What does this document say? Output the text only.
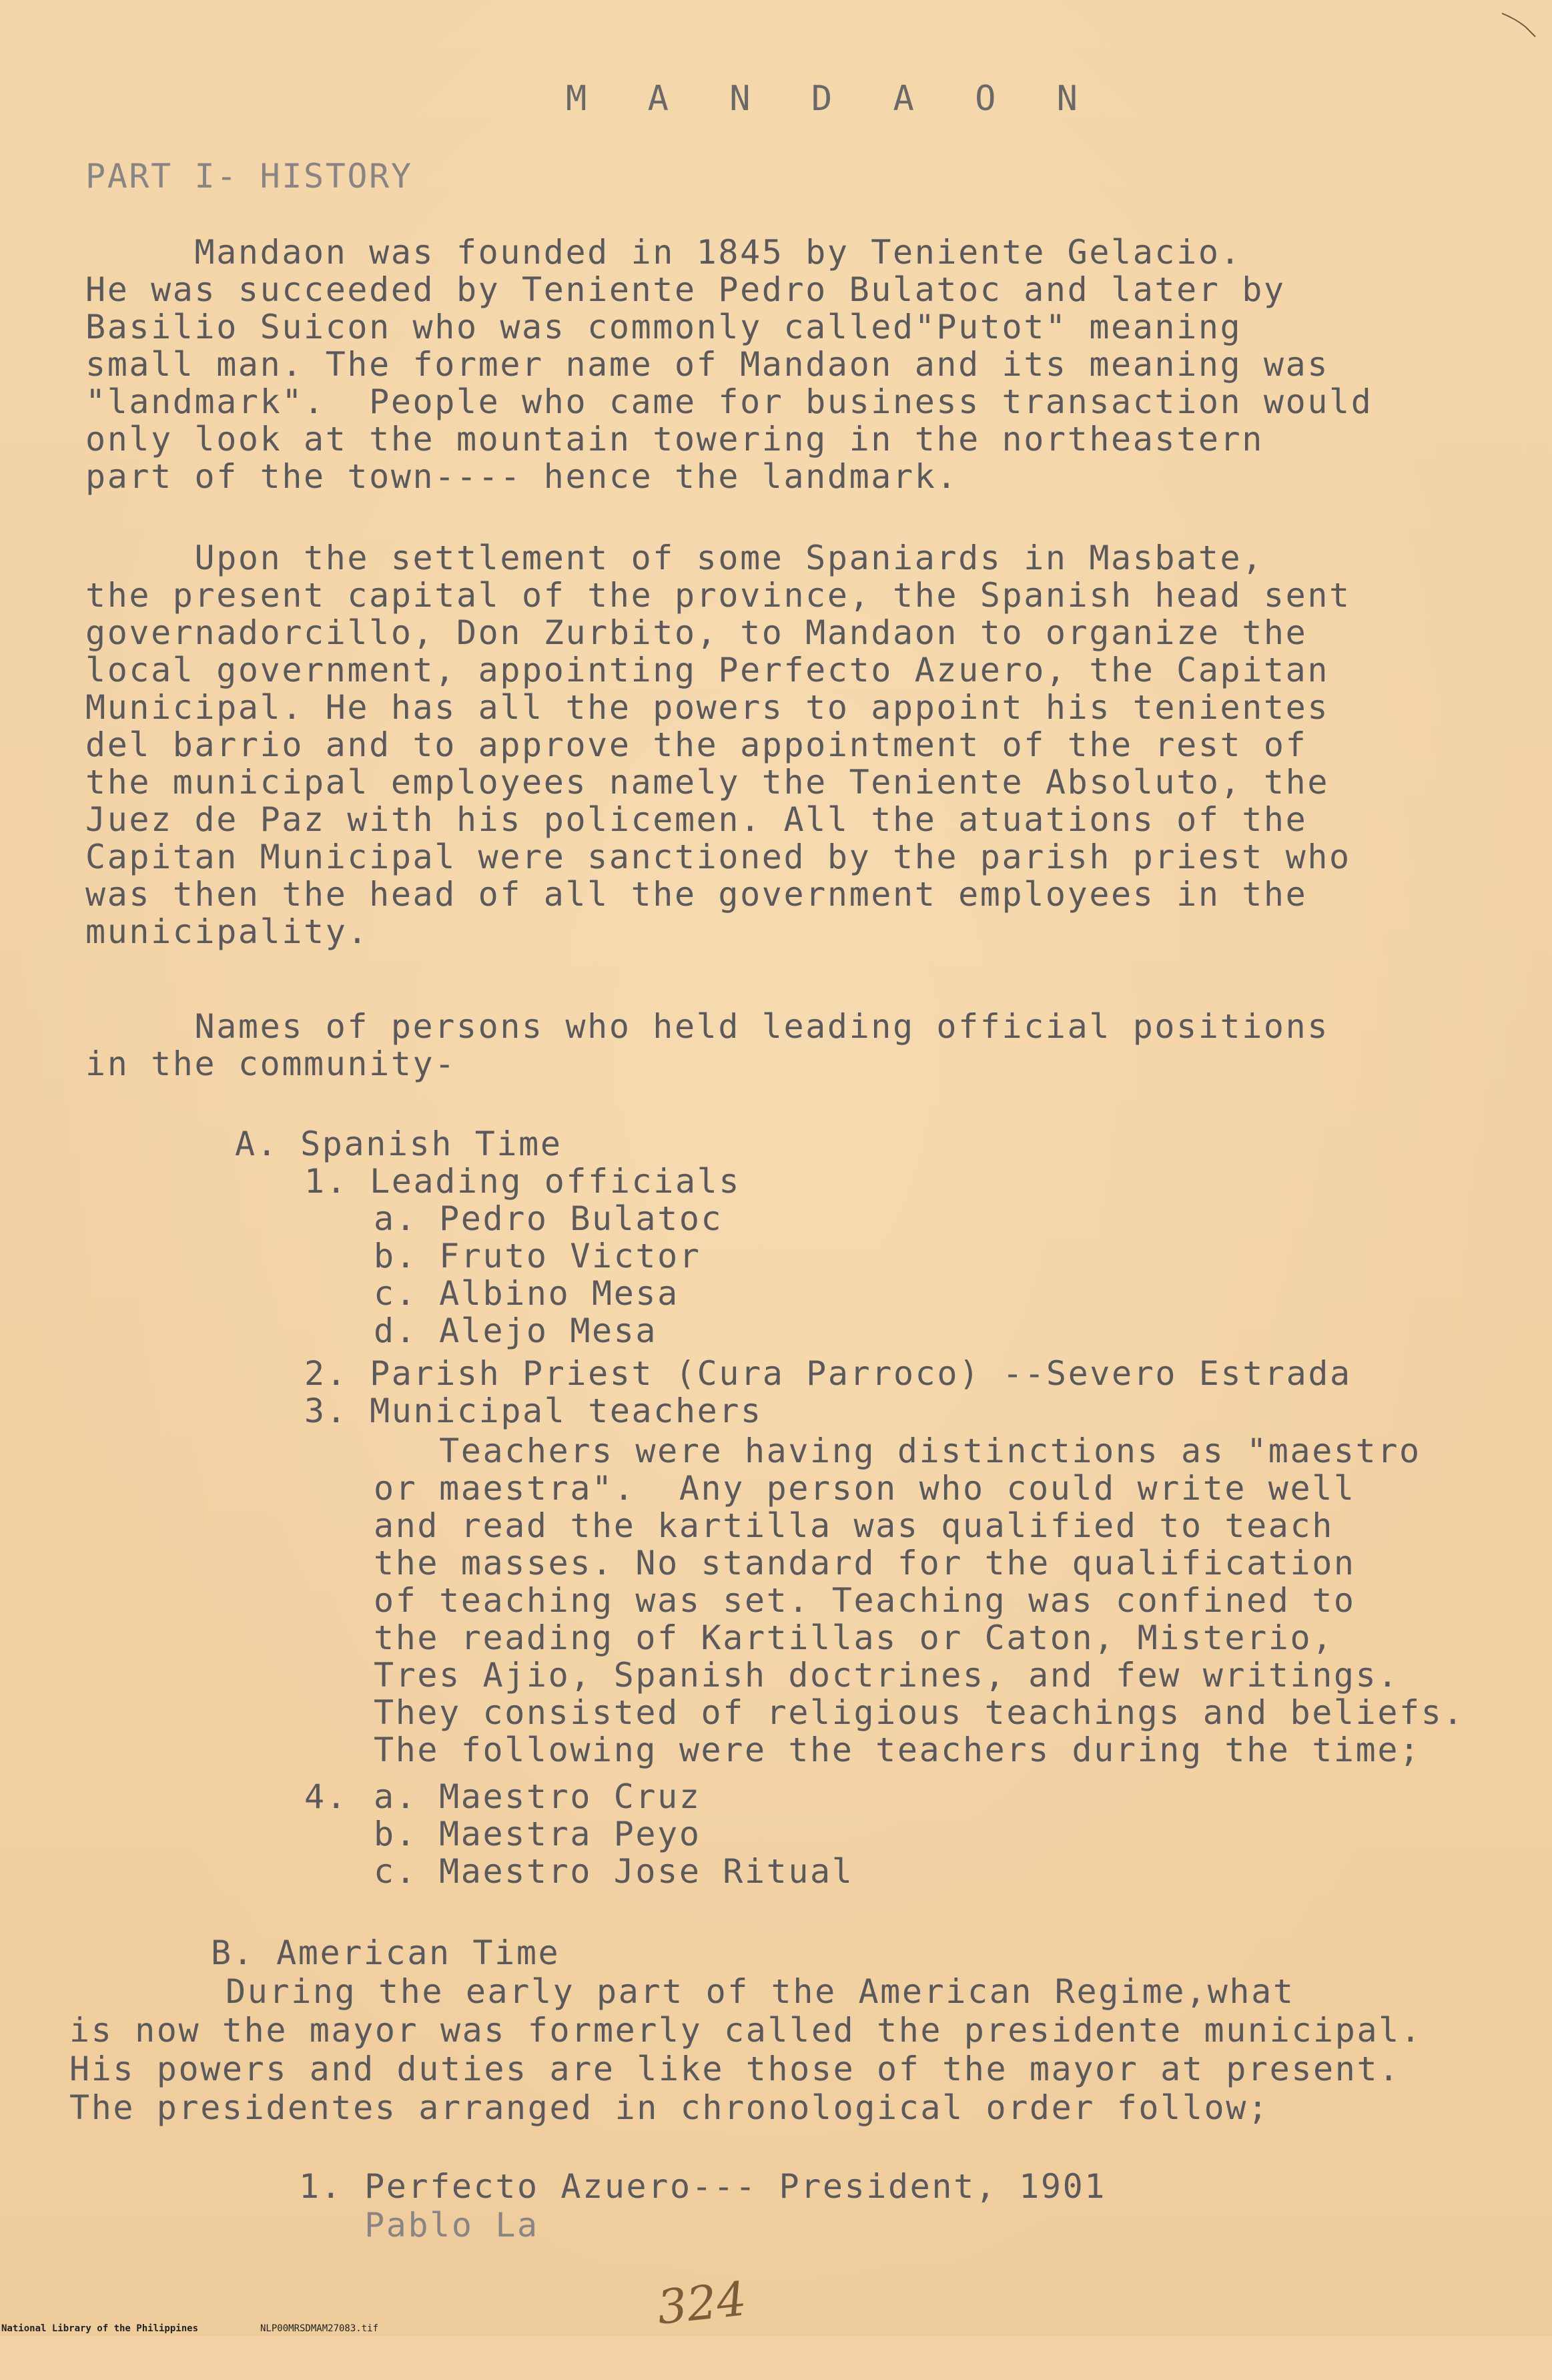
M A N D A O N
PART I- HISTORY
Mandaon was founded in 1845 by Teniente Gelacio.
He was succeeded by Teniente Pedro Bulatoc and later by
Basilio Suicon who was commonly called"Putot" meaning
small man. The former name of Mandaon and its meaning was
"landmark".  People who came for business transaction would
only look at the mountain towering in the northeastern
part of the town---- hence the landmark.
Upon the settlement of some Spaniards in Masbate,
the present capital of the province, the Spanish head sent
governadorcillo, Don Zurbito, to Mandaon to organize the
local government, appointing Perfecto Azuero, the Capitan
Municipal. He has all the powers to appoint his tenientes
del barrio and to approve the appointment of the rest of
the municipal employees namely the Teniente Absoluto, the
Juez de Paz with his policemen. All the atuations of the
Capitan Municipal were sanctioned by the parish priest who
was then the head of all the government employees in the
municipality.
Names of persons who held leading official positions
in the community-
A. Spanish Time
1. Leading officials
a. Pedro Bulatoc
b. Fruto Victor
c. Albino Mesa
d. Alejo Mesa
2. Parish Priest (Cura Parroco) --Severo Estrada
3. Municipal teachers
Teachers were having distinctions as "maestro
or maestra".  Any person who could write well
and read the kartilla was qualified to teach
the masses. No standard for the qualification
of teaching was set. Teaching was confined to
the reading of Kartillas or Caton, Misterio,
Tres Ajio, Spanish doctrines, and few writings.
They consisted of religious teachings and beliefs.
The following were the teachers during the time;
4. a. Maestro Cruz
b. Maestra Peyo
c. Maestro Jose Ritual
B. American Time
During the early part of the American Regime,what
is now the mayor was formerly called the presidente municipal.
His powers and duties are like those of the mayor at present.
The presidentes arranged in chronological order follow;
1. Perfecto Azuero--- President, 1901
Pablo La
324

National Library of the Philippines

	NLP00MRSDMAM27083.tif
